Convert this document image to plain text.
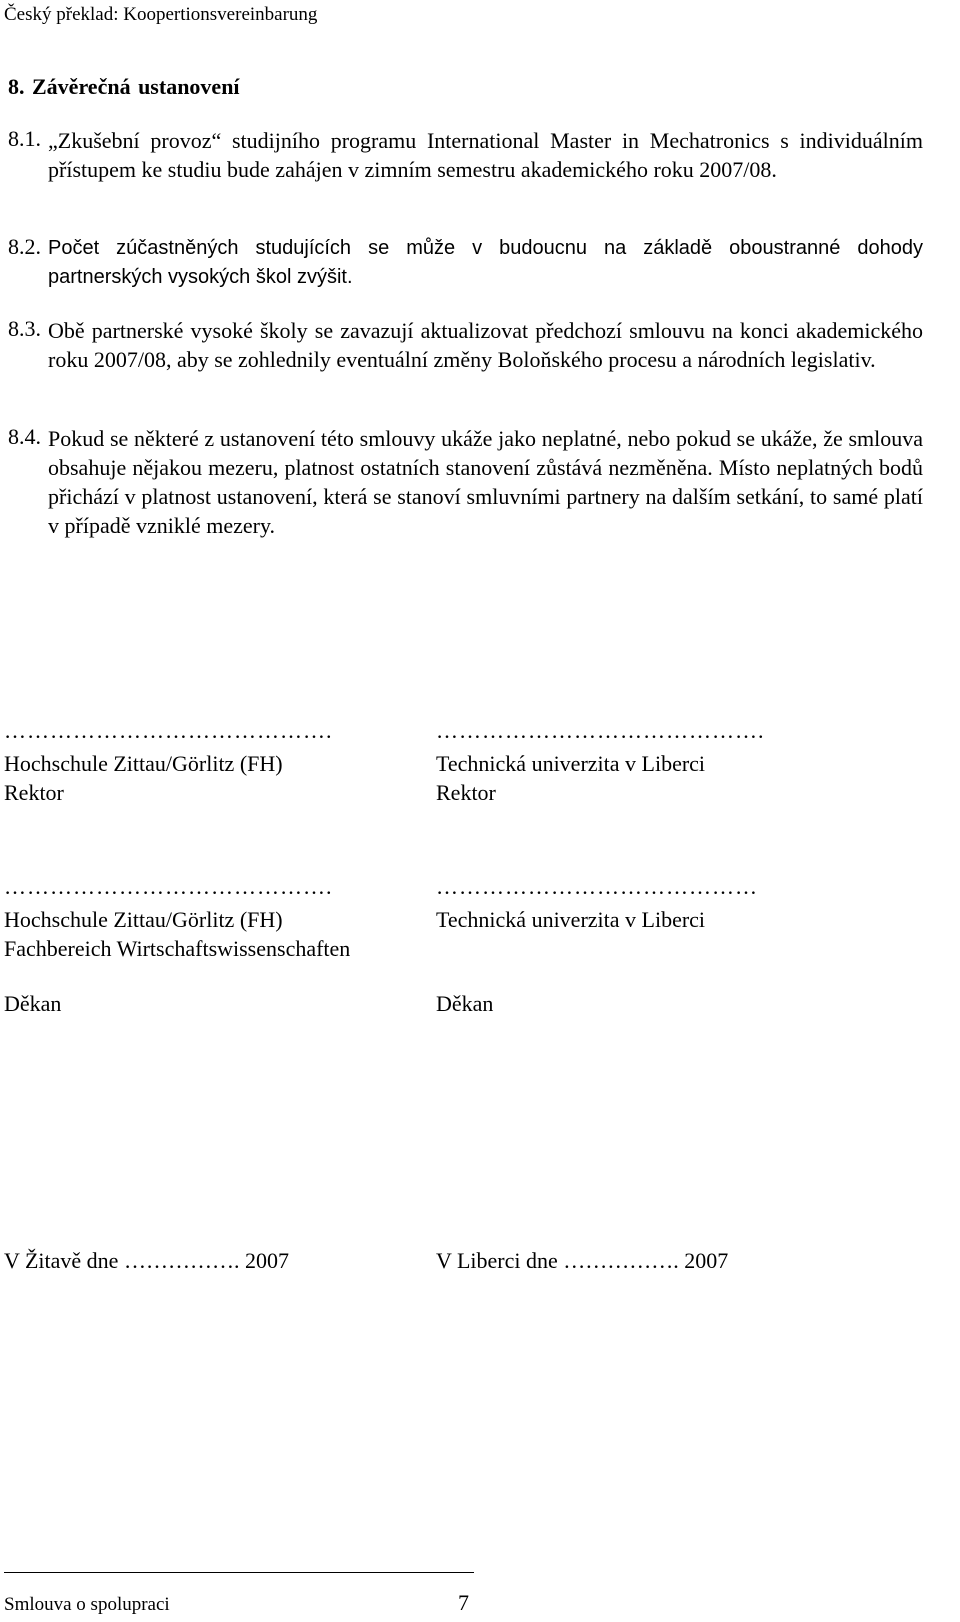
Český překlad: Koopertionsvereinbarung
8. Závěrečná ustanovení
8.1. „Zkušební provoz“ studijního programu International Master in Mechatronics s individuálním přístupem ke studiu bude zahájen v zimním semestru akademického roku 2007/08.
8.2. Počet zúčastněných studujících se může v budoucnu na základě oboustranné dohody partnerských vysokých škol zvýšit.
8.3. Obě partnerské vysoké školy se zavazují aktualizovat předchozí smlouvu na konci akademického roku 2007/08, aby se zohlednily eventuální změny Boloňského procesu a národních legislativ.
8.4. Pokud se některé z ustanovení této smlouvy ukáže jako neplatné, nebo pokud se ukáže, že smlouva obsahuje nějakou mezeru, platnost ostatních stanovení zůstává nezměněna. Místo neplatných bodů přichází v platnost ustanovení, která se stanoví smluvními partnery na dalším setkání, to samé platí v případě vzniklé mezery.
…………………………………….
Hochschule Zittau/Görlitz (FH)
Rektor
…………………………………….
Technická univerzita v Liberci
Rektor
…………………………………….
Hochschule Zittau/Görlitz (FH)
Fachbereich Wirtschaftswissenschaften
Děkan
……………………………………
Technická univerzita v Liberci
Děkan
V Žitavě dne ……………. 2007	V Liberci dne ……………. 2007
Smlouva o spolupraci	7
